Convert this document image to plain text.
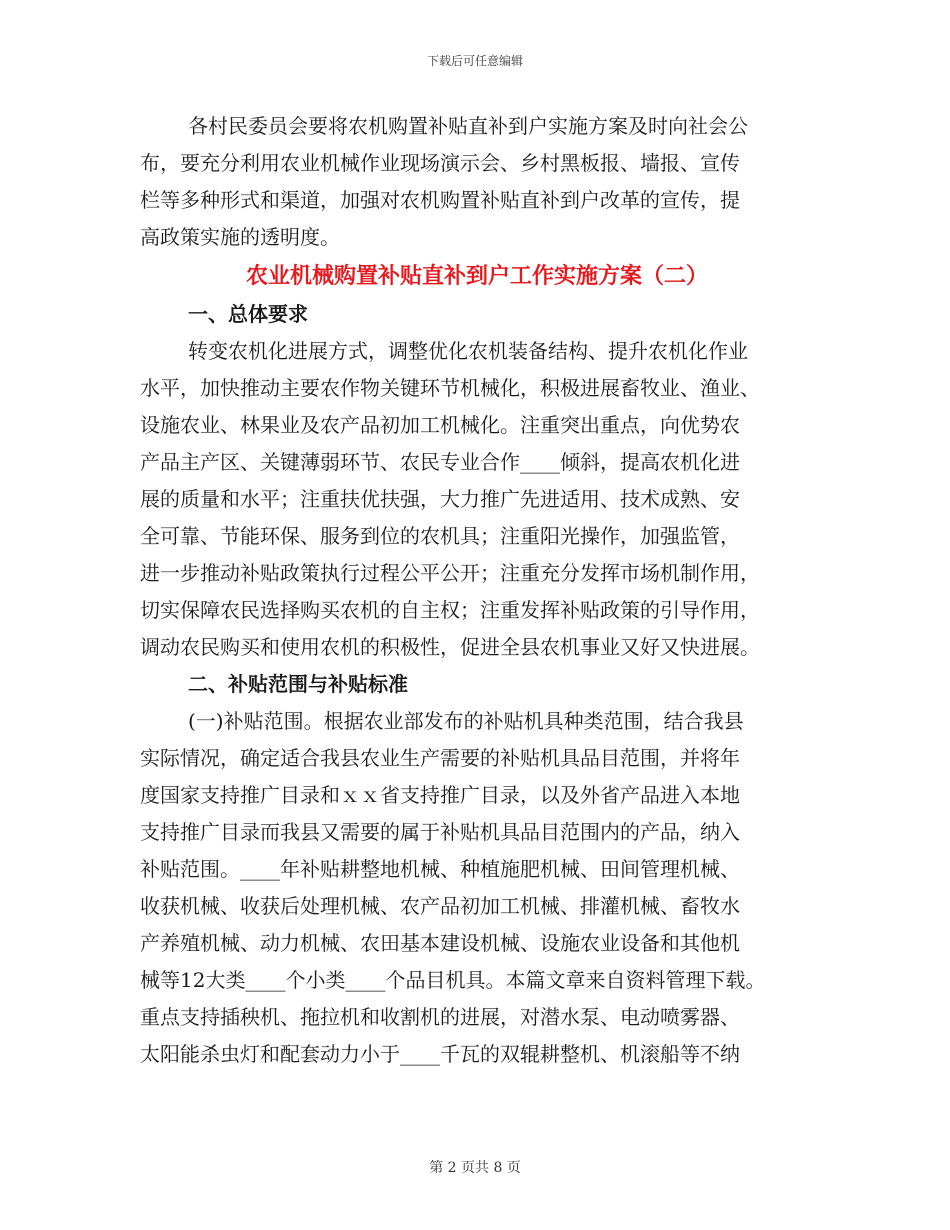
下载后可任意编辑
各村民委员会要将农机购置补贴直补到户实施方案及时向社会公
布，要充分利用农业机械作业现场演示会、乡村黑板报、墙报、宣传
栏等多种形式和渠道，加强对农机购置补贴直补到户改革的宣传，提
高政策实施的透明度。
农业机械购置补贴直补到户工作实施方案（二）
一、总体要求
转变农机化进展方式，调整优化农机装备结构、提升农机化作业
水平，加快推动主要农作物关键环节机械化，积极进展畜牧业、渔业、
设施农业、林果业及农产品初加工机械化。注重突出重点，向优势农
产品主产区、关键薄弱环节、农民专业合作____倾斜，提高农机化进
展的质量和水平；注重扶优扶强，大力推广先进适用、技术成熟、安
全可靠、节能环保、服务到位的农机具；注重阳光操作，加强监管，
进一步推动补贴政策执行过程公平公开；注重充分发挥市场机制作用，
切实保障农民选择购买农机的自主权；注重发挥补贴政策的引导作用，
调动农民购买和使用农机的积极性，促进全县农机事业又好又快进展。
二、补贴范围与补贴标准
(一)补贴范围。根据农业部发布的补贴机具种类范围，结合我县
实际情况，确定适合我县农业生产需要的补贴机具品目范围，并将年
度国家支持推广目录和ｘｘ省支持推广目录，以及外省产品进入本地
支持推广目录而我县又需要的属于补贴机具品目范围内的产品，纳入
补贴范围。____年补贴耕整地机械、种植施肥机械、田间管理机械、
收获机械、收获后处理机械、农产品初加工机械、排灌机械、畜牧水
产养殖机械、动力机械、农田基本建设机械、设施农业设备和其他机
械等12大类____个小类____个品目机具。本篇文章来自资料管理下载。
重点支持插秧机、拖拉机和收割机的进展，对潜水泵、电动喷雾器、
太阳能杀虫灯和配套动力小于____千瓦的双辊耕整机、机滚船等不纳
第 2 页共 8 页
